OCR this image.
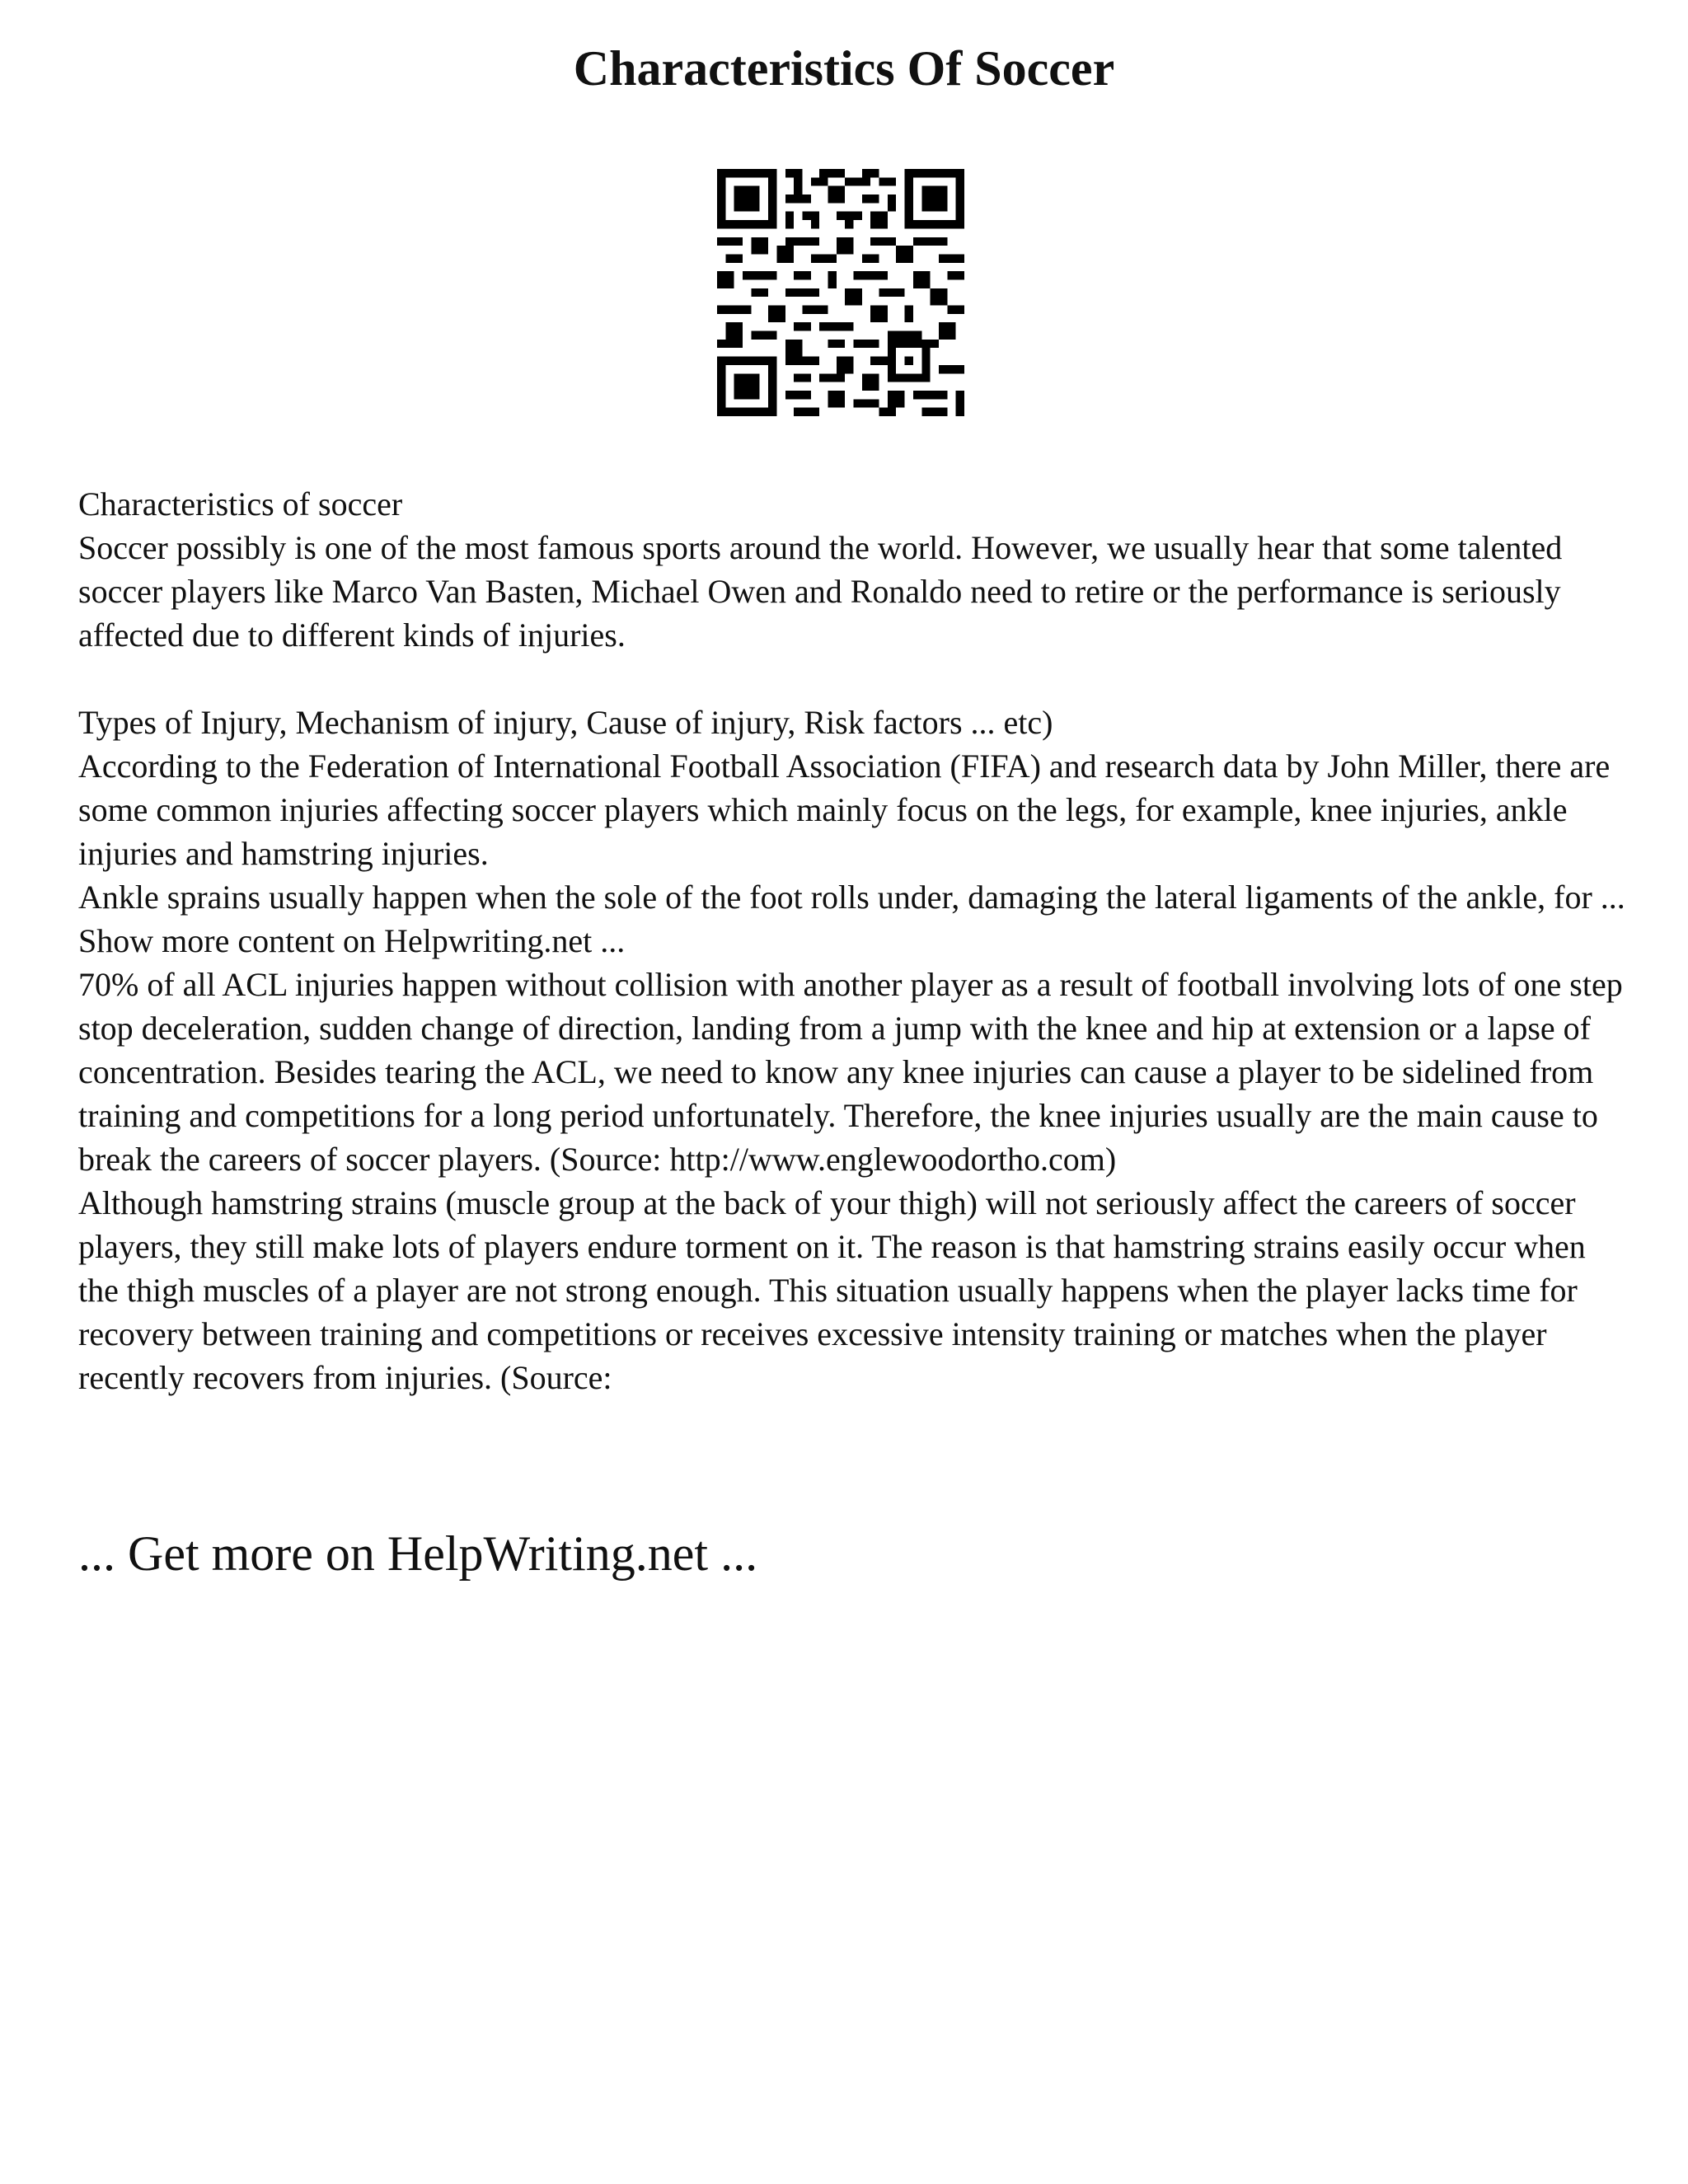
Characteristics Of Soccer

Characteristics of soccer

Soccer possibly is one of the most famous sports around the world. However, we usually hear that some talented soccer players like Marco Van Basten, Michael Owen and Ronaldo need to retire or the performance is seriously affected due to different kinds of injuries.

Types of Injury, Mechanism of injury, Cause of injury, Risk factors ... etc)

According to the Federation of International Football Association (FIFA) and research data by John Miller, there are some common injuries affecting soccer players which mainly focus on the legs, for example, knee injuries, ankle injuries and hamstring injuries.

Ankle sprains usually happen when the sole of the foot rolls under, damaging the lateral ligaments of the ankle, for ... Show more content on Helpwriting.net ...

70% of all ACL injuries happen without collision with another player as a result of football involving lots of one step stop deceleration, sudden change of direction, landing from a jump with the knee and hip at extension or a lapse of concentration. Besides tearing the ACL, we need to know any knee injuries can cause a player to be sidelined from training and competitions for a long period unfortunately. Therefore, the knee injuries usually are the main cause to break the careers of soccer players. (Source: http://www.englewoodortho.com)

Although hamstring strains (muscle group at the back of your thigh) will not seriously affect the careers of soccer players, they still make lots of players endure torment on it. The reason is that hamstring strains easily occur when the thigh muscles of a player are not strong enough. This situation usually happens when the player lacks time for recovery between training and competitions or receives excessive intensity training or matches when the player recently recovers from injuries. (Source:

... Get more on HelpWriting.net ...
